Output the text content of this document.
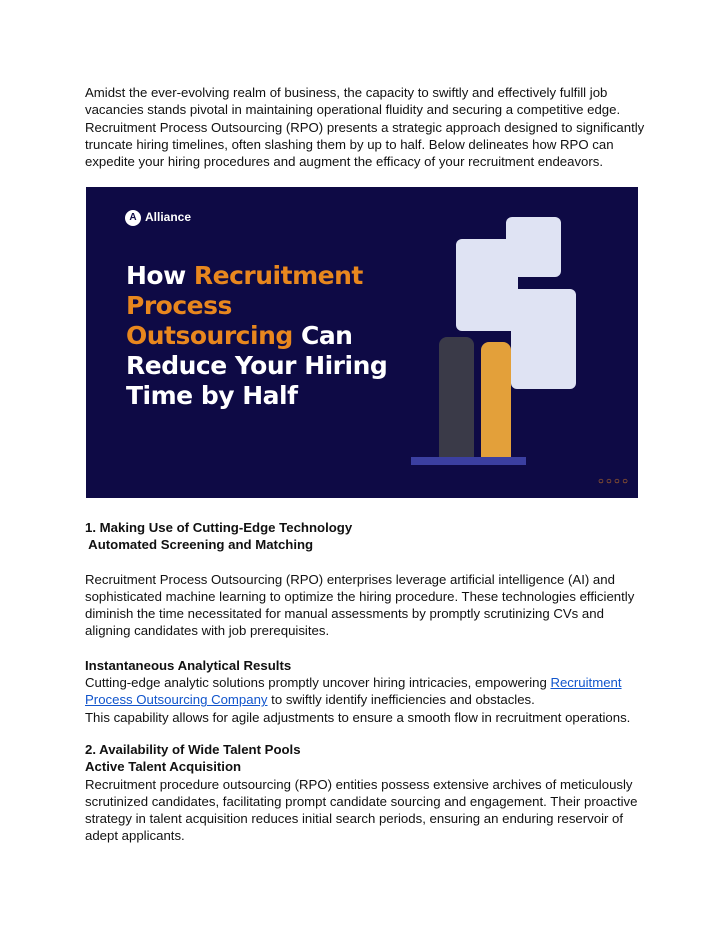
Amidst the ever-evolving realm of business, the capacity to swiftly and effectively fulfill job vacancies stands pivotal in maintaining operational fluidity and securing a competitive edge. Recruitment Process Outsourcing (RPO) presents a strategic approach designed to significantly truncate hiring timelines, often slashing them by up to half. Below delineates how RPO can expedite your hiring procedures and augment the efficacy of your recruitment endeavors.

A Alliance
How Recruitment
Process
Outsourcing Can
Reduce Your Hiring
Time by Half
○○○○

1. Making Use of Cutting-Edge Technology

Automated Screening and Matching

Recruitment Process Outsourcing (RPO) enterprises leverage artificial intelligence (AI) and sophisticated machine learning to optimize the hiring procedure. These technologies efficiently diminish the time necessitated for manual assessments by promptly scrutinizing CVs and aligning candidates with job prerequisites.

Instantaneous Analytical Results

Cutting-edge analytic solutions promptly uncover hiring intricacies, empowering Recruitment Process Outsourcing Company to swiftly identify inefficiencies and obstacles.

This capability allows for agile adjustments to ensure a smooth flow in recruitment operations.

2. Availability of Wide Talent Pools

Active Talent Acquisition

Recruitment procedure outsourcing (RPO) entities possess extensive archives of meticulously scrutinized candidates, facilitating prompt candidate sourcing and engagement. Their proactive strategy in talent acquisition reduces initial search periods, ensuring an enduring reservoir of adept applicants.
